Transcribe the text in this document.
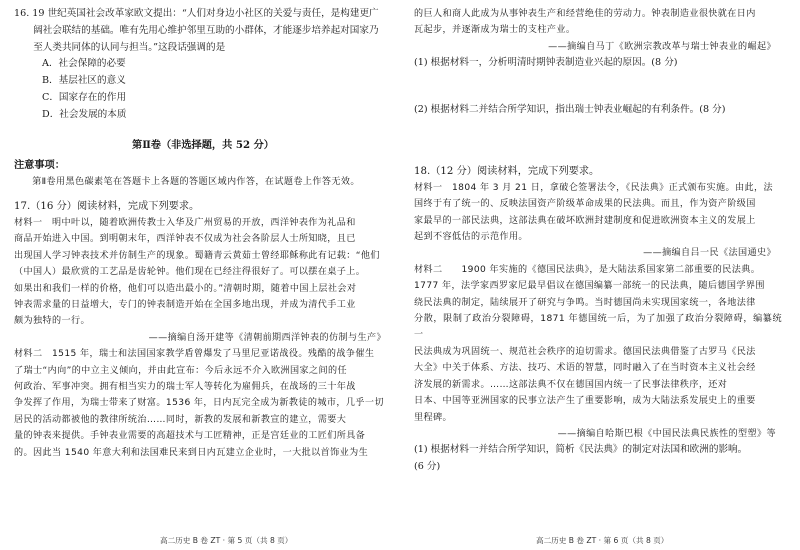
16. 19 世纪英国社会改革家欧文提出：“人们对身边小社区的关爱与责任，是构建更广

阔社会联结的基础。唯有先用心维护邻里互助的小群体，才能逐步培养起对国家乃

至人类共同体的认同与担当。”这段话强调的是

A．社会保障的必要

B．基层社区的意义

C．国家存在的作用

D．社会发展的本质

第Ⅱ卷（非选择题，共 52 分）

注意事项：

第Ⅱ卷用黑色碳素笔在答题卡上各题的答题区域内作答，在试题卷上作答无效。

17.（16 分）阅读材料，完成下列要求。

材料一　明中叶以，随着欧洲传教士入华及广州贸易的开放，西洋钟表作为礼品和

商品开始进入中国。到明朝末年，西洋钟表不仅成为社会各阶层人士所知晓，且已

出现国人学习钟表技术并仿制生产的现象。蜀籍青云黄茹士曾经耶稣称此有记载：“他们

（中国人）最欣赏的工艺品是齿轮钟。他们现在已经注得很好了。可以摆在桌子上。

如果出和我们一样的价格，他们可以造出最小的。”清朝时期，随着中国上层社会对

钟表需求量的日益增大，专门的钟表制造开始在全国多地出现，并成为清代手工业

颇为独特的一行。

——摘编自汤开建等《清朝前期西洋钟表的仿制与生产》

材料二　1515 年，瑞士和法国国家教学盾曾爆发了马里尼亚诺战役。残酷的战争催生

了瑞士“内向”的中立主义倾向，并由此宣布：今后永远不介入欧洲国家之间的任

何政治、军事冲突。拥有相当实力的瑞士军人等转化为雇佣兵，在战场的三十年战

争发挥了作用，为瑞士带来了财富。1536 年，日内瓦完全成为新教徒的城市，几乎一切

居民的活动都被他的教律所统治……同时，新教的发展和新教宣的建立，需要大

量的钟表来提供。手钟表业需要的高超技术与工匠精神，正是宫廷业的工匠们所具备

的。因此当 1540 年意大利和法国难民来到日内瓦建立企业时，一大批以首饰业为生

高二历史 B 卷 ZT · 第 5 页（共 8 页）

的巨人和商人此成为从事钟表生产和经营绝佳的劳动力。钟表制造业很快就在日内

瓦起步，并逐渐成为瑞士的支柱产业。

——摘编自马丁《欧洲宗教改革与瑞士钟表业的崛起》

(1) 根据材料一，分析明清时期钟表制造业兴起的原因。(8 分)

(2) 根据材料二并结合所学知识，指出瑞士钟表业崛起的有利条件。(8 分)

18.（12 分）阅读材料，完成下列要求。

材料一　1804 年 3 月 21 日，拿破仑签署法令，《民法典》正式颁布实施。由此，法

国终于有了统一的、反映法国资产阶级革命成果的民法典。而且，作为资产阶级国

家最早的一部民法典，这部法典在破坏欧洲封建制度和促进欧洲资本主义的发展上

起到不容低估的示范作用。

——摘编自吕一民《法国通史》

材料二　　1900 年实施的《德国民法典》，是大陆法系国家第二部重要的民法典。

1777 年，法学家西罗家尼最早倡议在德国编纂一部统一的民法典，随后德国学界围

绕民法典的制定，陆续展开了研究与争鸣。当时德国尚未实现国家统一，各地法律

分散，限制了政治分裂障碍，1871 年德国统一后，为了加强了政治分裂障碍，编纂统一

民法典成为巩固统一、规范社会秩序的迫切需求。德国民法典借鉴了古罗马《民法

大全》中关于体系、方法、技巧、术语的智慧，同时融入了在当时资本主义社会经

济发展的新需求。……这部法典不仅在德国国内统一了民事法律秩序，还对

日本、中国等亚洲国家的民事立法产生了重要影响，成为大陆法系发展史上的重要

里程碑。

——摘编自哈斯巴根《中国民法典民族性的型塑》等

(1) 根据材料一并结合所学知识，简析《民法典》的制定对法国和欧洲的影响。

(6 分)

高二历史 B 卷 ZT · 第 6 页（共 8 页）
